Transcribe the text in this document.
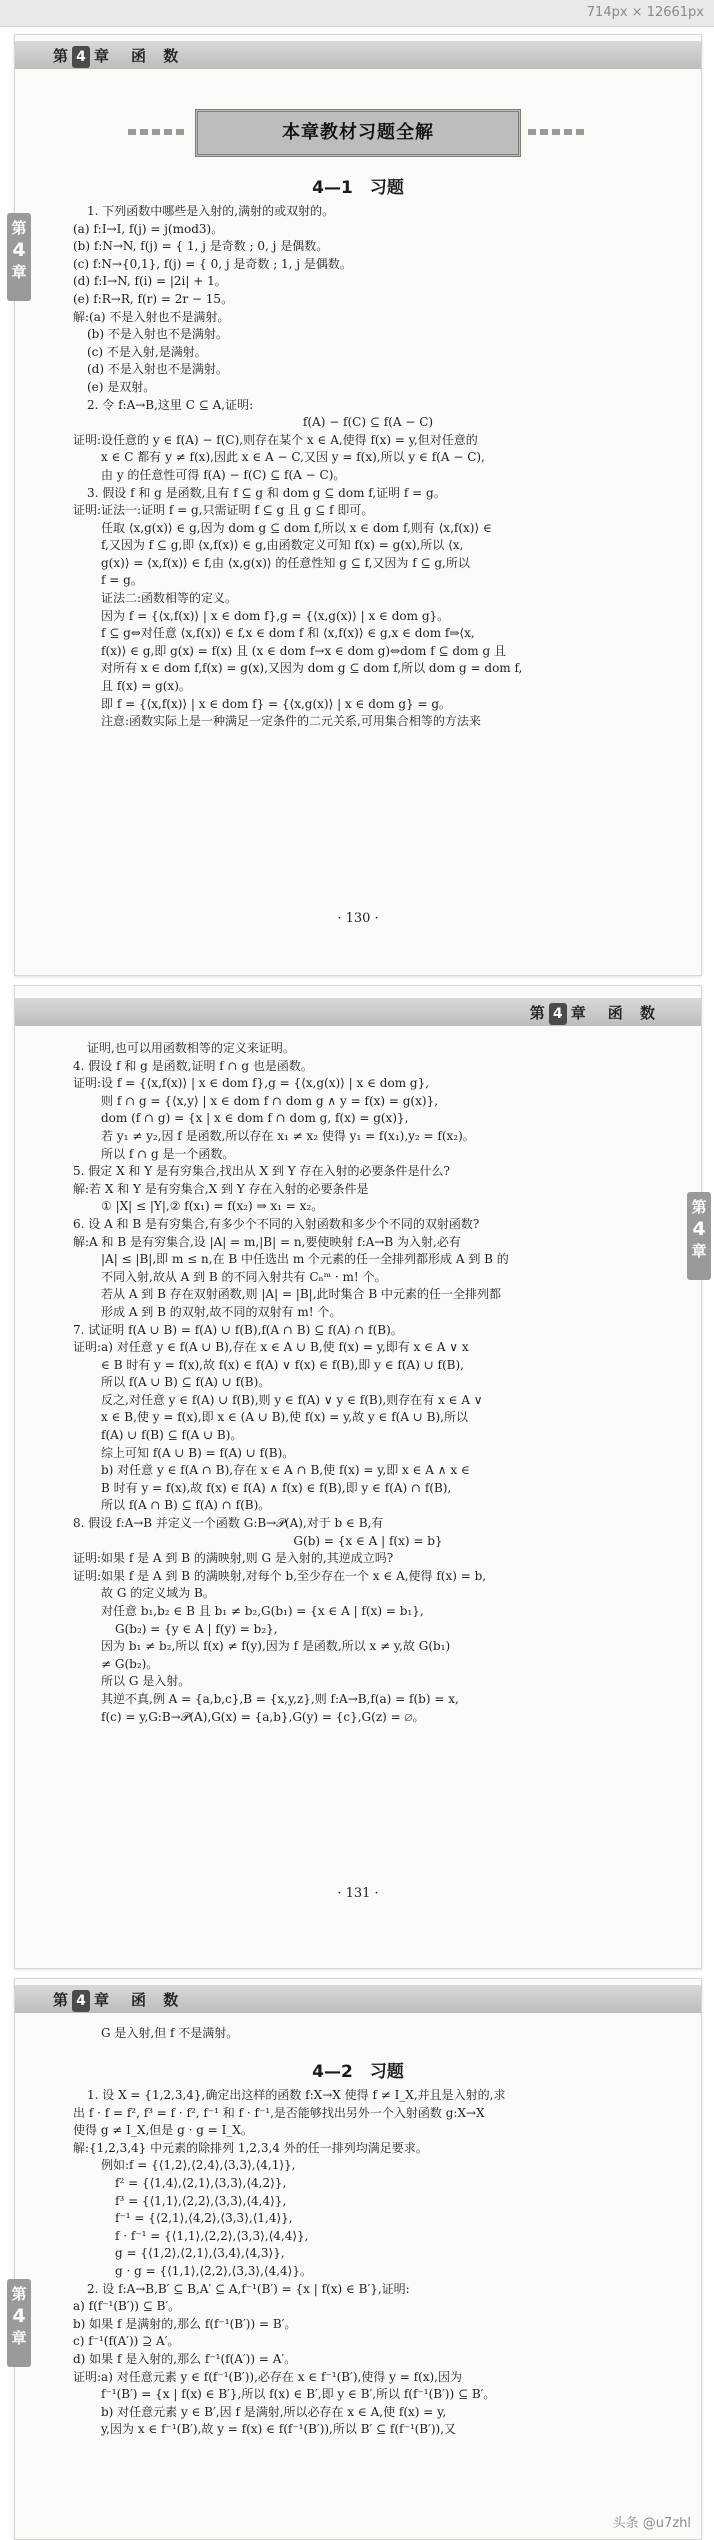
714px × 12661px
第 4 章 函 数
第
4
章
本章教材习题全解
4—1　习题
1. 下列函数中哪些是入射的,满射的或双射的。
(a) f:I→I, f(j) = j(mod3)。
(b) f:N→N, f(j) = { 1, j 是奇数 ; 0, j 是偶数。
(c) f:N→{0,1}, f(j) = { 0, j 是奇数 ; 1, j 是偶数。
(d) f:I→N, f(i) = |2i| + 1。
(e) f:R→R, f(r) = 2r − 15。
解:(a) 不是入射也不是满射。
(b) 不是入射也不是满射。
(c) 不是入射,是满射。
(d) 不是入射也不是满射。
(e) 是双射。
2. 令 f:A→B,这里 C ⊆ A,证明:
f(A) − f(C) ⊆ f(A − C)
证明:设任意的 y ∈ f(A) − f(C),则存在某个 x ∈ A,使得 f(x) = y,但对任意的
x ∈ C 都有 y ≠ f(x),因此 x ∈ A − C,又因 y = f(x),所以 y ∈ f(A − C),
由 y 的任意性可得 f(A) − f(C) ⊆ f(A − C)。
3. 假设 f 和 g 是函数,且有 f ⊆ g 和 dom g ⊆ dom f,证明 f = g。
证明:证法一:证明 f = g,只需证明 f ⊆ g 且 g ⊆ f 即可。
任取 ⟨x,g(x)⟩ ∈ g,因为 dom g ⊆ dom f,所以 x ∈ dom f,则有 ⟨x,f(x)⟩ ∈
f,又因为 f ⊆ g,即 ⟨x,f(x)⟩ ∈ g,由函数定义可知 f(x) = g(x),所以 ⟨x,
g(x)⟩ = ⟨x,f(x)⟩ ∈ f,由 ⟨x,g(x)⟩ 的任意性知 g ⊆ f,又因为 f ⊆ g,所以
f = g。
证法二:函数相等的定义。
因为 f = {⟨x,f(x)⟩ | x ∈ dom f},g = {⟨x,g(x)⟩ | x ∈ dom g}。
f ⊆ g⇔对任意 ⟨x,f(x)⟩ ∈ f,x ∈ dom f 和 ⟨x,f(x)⟩ ∈ g,x ∈ dom f⇒⟨x,
f(x)⟩ ∈ g,即 g(x) = f(x) 且 (x ∈ dom f→x ∈ dom g)⇔dom f ⊆ dom g 且
对所有 x ∈ dom f,f(x) = g(x),又因为 dom g ⊆ dom f,所以 dom g = dom f,
且 f(x) = g(x)。
即 f = {⟨x,f(x)⟩ | x ∈ dom f} = {⟨x,g(x)⟩ | x ∈ dom g} = g。
注意:函数实际上是一种满足一定条件的二元关系,可用集合相等的方法来
· 130 ·
第 4 章 函 数
第
4
章
证明,也可以用函数相等的定义来证明。
4. 假设 f 和 g 是函数,证明 f ∩ g 也是函数。
证明:设 f = {⟨x,f(x)⟩ | x ∈ dom f},g = {⟨x,g(x)⟩ | x ∈ dom g},
则 f ∩ g = {⟨x,y⟩ | x ∈ dom f ∩ dom g ∧ y = f(x) = g(x)},
dom (f ∩ g) = {x | x ∈ dom f ∩ dom g, f(x) = g(x)},
若 y₁ ≠ y₂,因 f 是函数,所以存在 x₁ ≠ x₂ 使得 y₁ = f(x₁),y₂ = f(x₂)。
所以 f ∩ g 是一个函数。
5. 假定 X 和 Y 是有穷集合,找出从 X 到 Y 存在入射的必要条件是什么?
解:若 X 和 Y 是有穷集合,X 到 Y 存在入射的必要条件是
① |X| ≤ |Y|,② f(x₁) = f(x₂) ⇒ x₁ = x₂。
6. 设 A 和 B 是有穷集合,有多少个不同的入射函数和多少个不同的双射函数?
解:A 和 B 是有穷集合,设 |A| = m,|B| = n,要使映射 f:A→B 为入射,必有
|A| ≤ |B|,即 m ≤ n,在 B 中任选出 m 个元素的任一全排列都形成 A 到 B 的
不同入射,故从 A 到 B 的不同入射共有 Cₙᵐ · m! 个。
若从 A 到 B 存在双射函数,则 |A| = |B|,此时集合 B 中元素的任一全排列都
形成 A 到 B 的双射,故不同的双射有 m! 个。
7. 试证明 f(A ∪ B) = f(A) ∪ f(B),f(A ∩ B) ⊆ f(A) ∩ f(B)。
证明:a) 对任意 y ∈ f(A ∪ B),存在 x ∈ A ∪ B,使 f(x) = y,即有 x ∈ A ∨ x
∈ B 时有 y = f(x),故 f(x) ∈ f(A) ∨ f(x) ∈ f(B),即 y ∈ f(A) ∪ f(B),
所以 f(A ∪ B) ⊆ f(A) ∪ f(B)。
反之,对任意 y ∈ f(A) ∪ f(B),则 y ∈ f(A) ∨ y ∈ f(B),则存在有 x ∈ A ∨
x ∈ B,使 y = f(x),即 x ∈ (A ∪ B),使 f(x) = y,故 y ∈ f(A ∪ B),所以
f(A) ∪ f(B) ⊆ f(A ∪ B)。
综上可知 f(A ∪ B) = f(A) ∪ f(B)。
b) 对任意 y ∈ f(A ∩ B),存在 x ∈ A ∩ B,使 f(x) = y,即 x ∈ A ∧ x ∈
B 时有 y = f(x),故 f(x) ∈ f(A) ∧ f(x) ∈ f(B),即 y ∈ f(A) ∩ f(B),
所以 f(A ∩ B) ⊆ f(A) ∩ f(B)。
8. 假设 f:A→B 并定义一个函数 G:B→𝒫(A),对于 b ∈ B,有
G(b) = {x ∈ A | f(x) = b}
证明:如果 f 是 A 到 B 的满映射,则 G 是入射的,其逆成立吗?
证明:如果 f 是 A 到 B 的满映射,对每个 b,至少存在一个 x ∈ A,使得 f(x) = b,
故 G 的定义域为 B。
对任意 b₁,b₂ ∈ B 且 b₁ ≠ b₂,G(b₁) = {x ∈ A | f(x) = b₁},
G(b₂) = {y ∈ A | f(y) = b₂},
因为 b₁ ≠ b₂,所以 f(x) ≠ f(y),因为 f 是函数,所以 x ≠ y,故 G(b₁)
≠ G(b₂)。
所以 G 是入射。
其逆不真,例 A = {a,b,c},B = {x,y,z},则 f:A→B,f(a) = f(b) = x,
f(c) = y,G:B→𝒫(A),G(x) = {a,b},G(y) = {c},G(z) = ∅。
· 131 ·
第 4 章 函 数
第
4
章
G 是入射,但 f 不是满射。
4—2　习题
1. 设 X = {1,2,3,4},确定出这样的函数 f:X→X 使得 f ≠ I_X,并且是入射的,求
出 f · f = f², f³ = f · f², f⁻¹ 和 f · f⁻¹,是否能够找出另外一个入射函数 g:X→X
使得 g ≠ I_X,但是 g · g = I_X。
解:{1,2,3,4} 中元素的除排列 1,2,3,4 外的任一排列均满足要求。
例如:f = {⟨1,2⟩,⟨2,4⟩,⟨3,3⟩,⟨4,1⟩},
f² = {⟨1,4⟩,⟨2,1⟩,⟨3,3⟩,⟨4,2⟩},
f³ = {⟨1,1⟩,⟨2,2⟩,⟨3,3⟩,⟨4,4⟩},
f⁻¹ = {⟨2,1⟩,⟨4,2⟩,⟨3,3⟩,⟨1,4⟩},
f · f⁻¹ = {⟨1,1⟩,⟨2,2⟩,⟨3,3⟩,⟨4,4⟩},
g = {⟨1,2⟩,⟨2,1⟩,⟨3,4⟩,⟨4,3⟩},
g · g = {⟨1,1⟩,⟨2,2⟩,⟨3,3⟩,⟨4,4⟩}。
2. 设 f:A→B,B′ ⊆ B,A′ ⊆ A,f⁻¹(B′) = {x | f(x) ∈ B′},证明:
a) f(f⁻¹(B′)) ⊆ B′。
b) 如果 f 是满射的,那么 f(f⁻¹(B′)) = B′。
c) f⁻¹(f(A′)) ⊇ A′。
d) 如果 f 是入射的,那么 f⁻¹(f(A′)) = A′。
证明:a) 对任意元素 y ∈ f(f⁻¹(B′)),必存在 x ∈ f⁻¹(B′),使得 y = f(x),因为
f⁻¹(B′) = {x | f(x) ∈ B′},所以 f(x) ∈ B′,即 y ∈ B′,所以 f(f⁻¹(B′)) ⊆ B′。
b) 对任意元素 y ∈ B′,因 f 是满射,所以必存在 x ∈ A,使 f(x) = y,
y,因为 x ∈ f⁻¹(B′),故 y = f(x) ∈ f(f⁻¹(B′)),所以 B′ ⊆ f(f⁻¹(B′)),又
头条 @u7zhl
